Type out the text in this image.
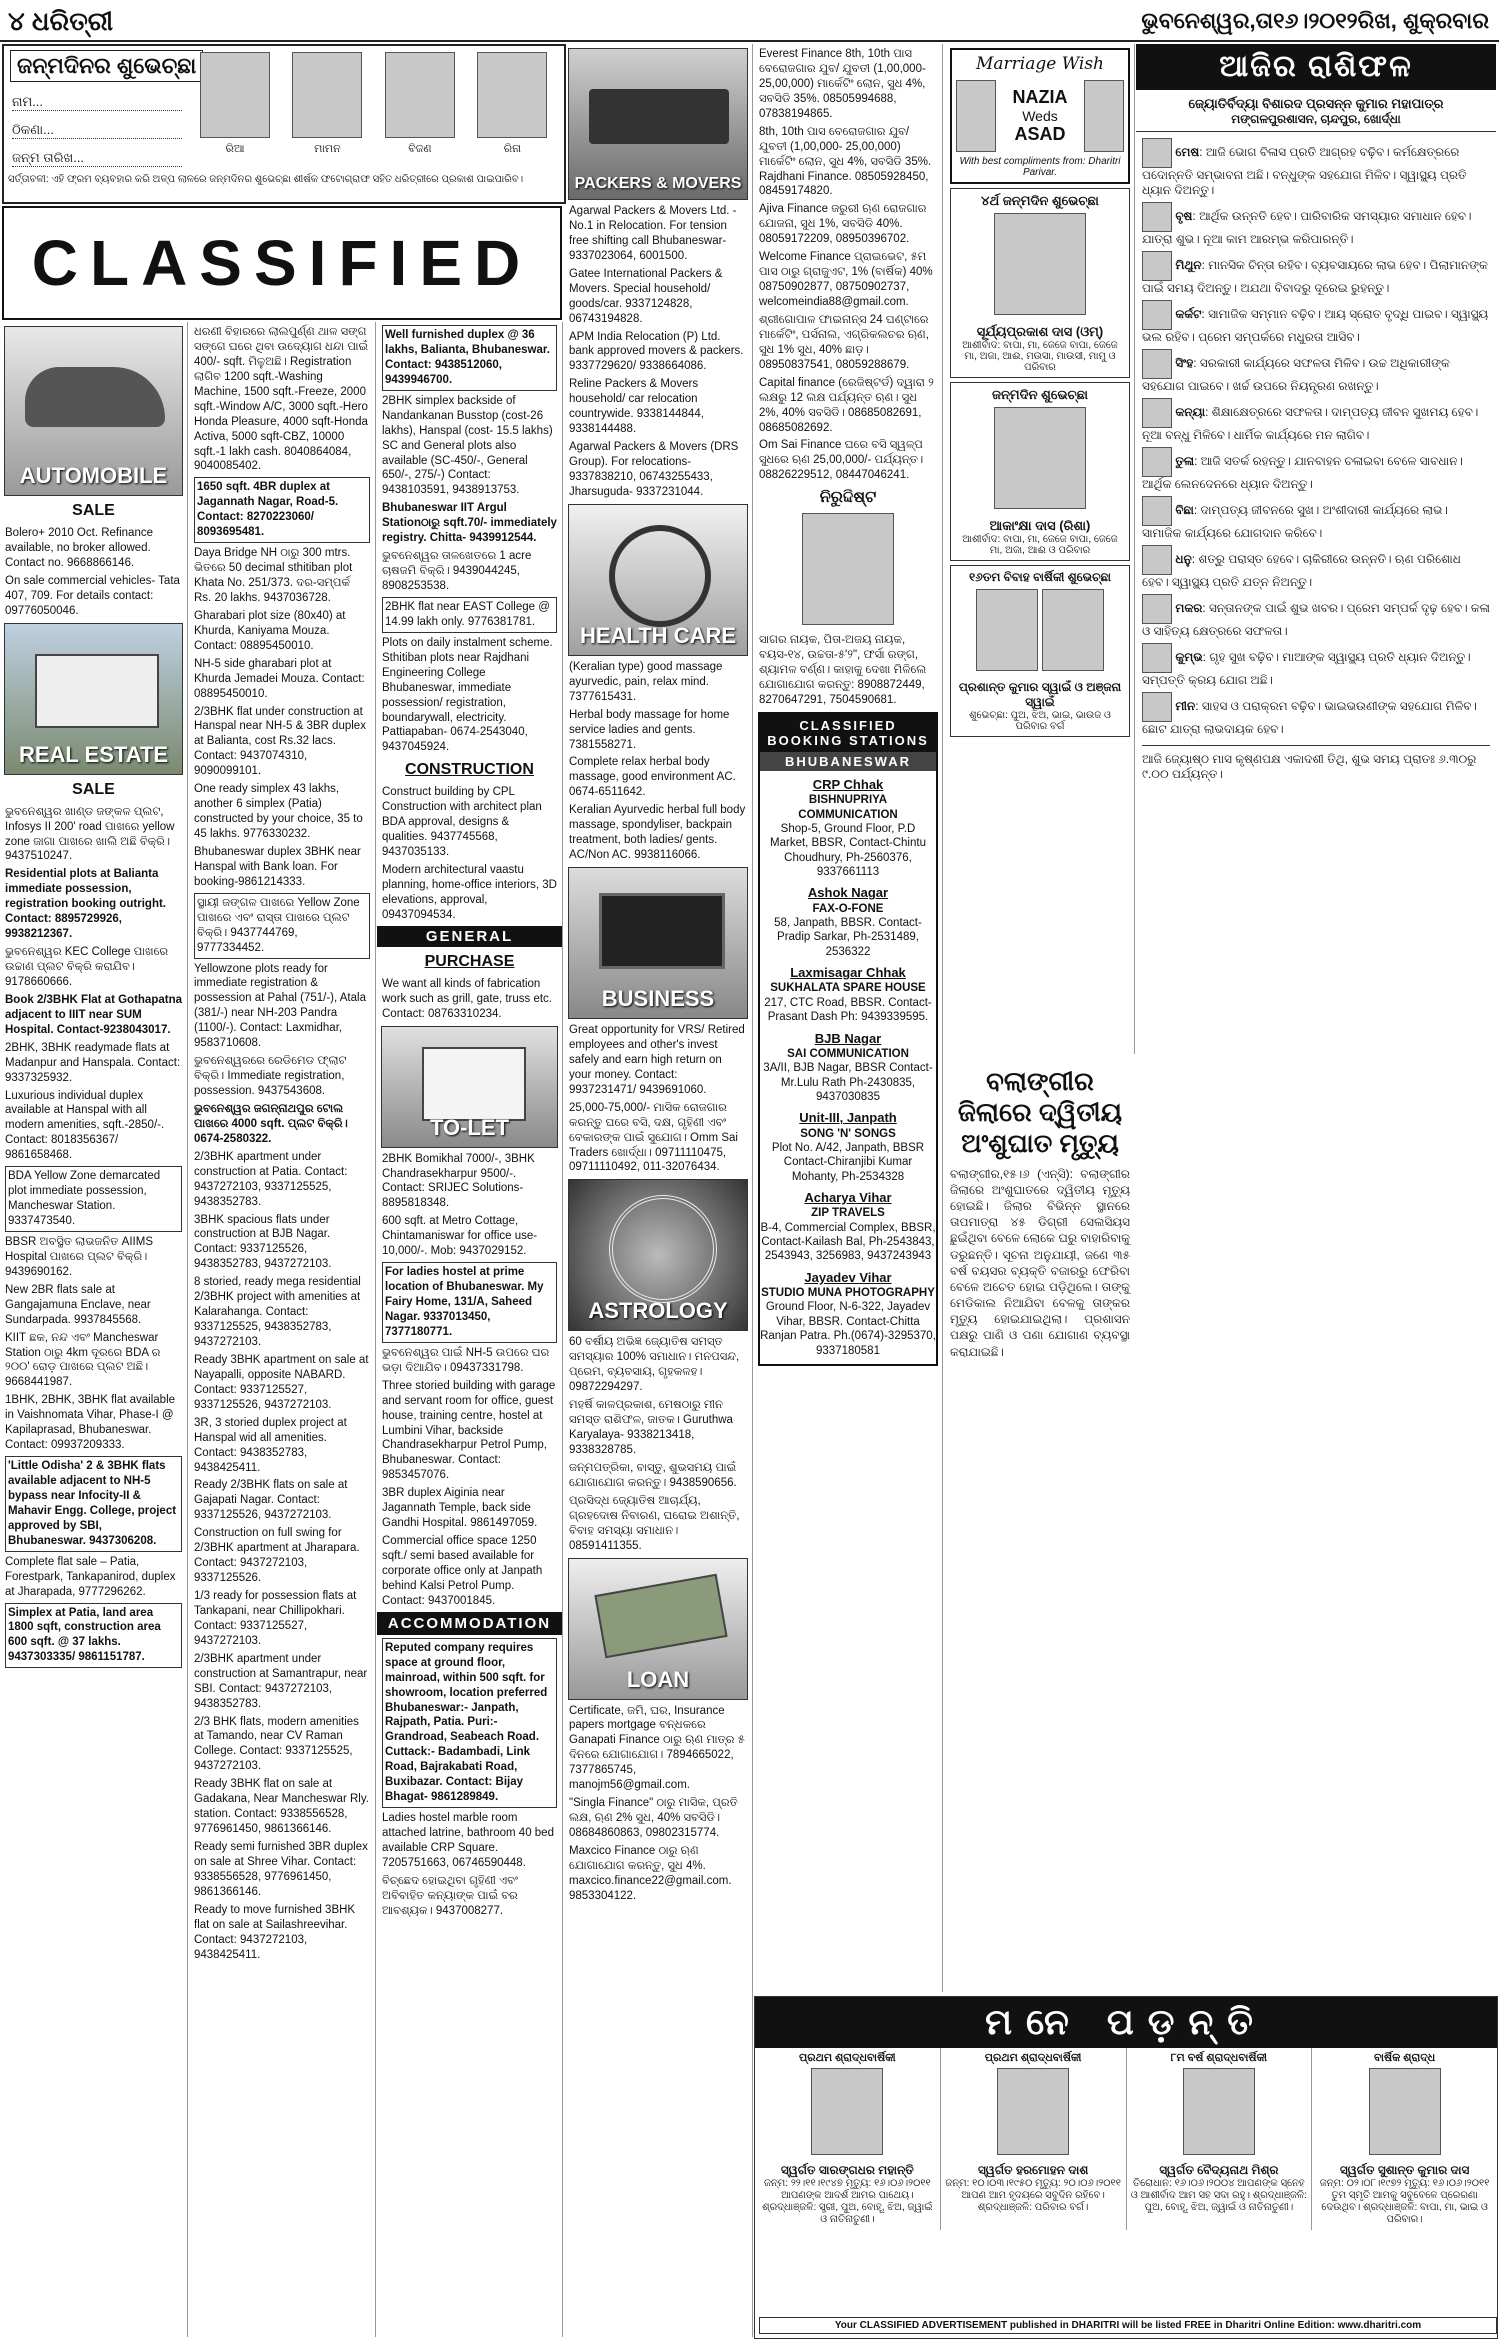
୪ ଧରିତ୍ରୀ	ଭୁବନେଶ୍ୱର,ତା୧୬।୨୦୧୨ରିଖ, ଶୁକ୍ରବାର
ଜନ୍ମଦିନର ଶୁଭେଚ୍ଛା
ନାମ...
ଠିକଣା...
ଜନ୍ମ ତାରିଖ...
ରିଆ
	ମାମନ
	ବିଜଣ
	ରିନା
ସର୍ତ୍ତାବଳୀ: ଏହି ଫ୍ରମ ବ୍ୟବହାର କରି ଅଳ୍ପ ଲାଳରେ ଜନ୍ମଦିନର ଶୁଭେଚ୍ଛା ଶୀର୍ଷକ ଫଟୋଗ୍ରାଫ ସହିତ ଧରିତ୍ରୀରେ ପ୍ରକାଶ ପାଇପାରିବ।
CLASSIFIED
AUTOMOBILE
SALE

Bolero+ 2010 Oct. Refinance available, no broker allowed. Contact no. 9668866146.

On sale commercial vehicles- Tata 407, 709. For details contact: 09776050046.

REAL ESTATE
SALE

ଭୁବନେଶ୍ୱର ଖାଣ୍ଡ ଜଙ୍କଳ ପ୍ଲଟ, Infosys II 200' road ପାଖରେ yellow zone ଜାଗା ପାଖରେ ଖାଲି ଅଛି ବିକ୍ରି। 9437510247.

Residential plots at Balianta immediate possession, registration booking outright. Contact: 8895729926, 9938212367.

ଭୁବନେଶ୍ୱର KEC College ପାଖରେ ଉଚ୍ଚାଣ ପ୍ଲଟ ବିକ୍ରି କରାଯିବ। 9178660666.

Book 2/3BHK Flat at Gothapatna adjacent to IIIT near SUM Hospital. Contact-9238043017.

2BHK, 3BHK readymade flats at Madanpur and Hanspala. Contact: 9337325932.

Luxurious individual duplex available at Hanspal with all modern amenities, sqft.-2850/-. Contact: 8018356367/ 9861658468.

BDA Yellow Zone demarcated plot immediate possession, Mancheswar Station. 9337473540.

BBSR ଅବସ୍ଥିତ ଲାଭଜନିତ AIIMS Hospital ପାଖରେ ପ୍ଲଟ ବିକ୍ରି। 9439690162.

New 2BR flats sale at Gangajamuna Enclave, near Sundarpada. 9937845568.

KIIT ଛକ, ନନ୍ଦ ଏବଂ Mancheswar Station ଠାରୁ 4km ଦୂରରେ BDA ର ୨୦୦' ରୋଡ଼ ପାଖରେ ପ୍ଲଟ ଅଛି। 9668441987.

1BHK, 2BHK, 3BHK flat available in Vaishnomata Vihar, Phase-I @ Kapilaprasad, Bhubaneswar. Contact: 09937209333.

'Little Odisha' 2 & 3BHK flats available adjacent to NH-5 bypass near Infocity-II & Mahavir Engg. College, project approved by SBI, Bhubaneswar. 9437306208.

Complete flat sale – Patia, Forestpark, Tankapanirod, duplex at Jharapada, 9777296262.

Simplex at Patia, land area 1800 sqft, construction area 600 sqft. @ 37 lakhs. 9437303335/ 9861151787.

ଧରଣୀ ବିହାରରେ ଲାଲପୁର୍ଣ୍ଣ ଥାଳ ସଙ୍ଗ ସଙ୍ଗେ ଘରେ ଥିବା ଉଦ୍ୟୋଗ ଧନ୍ଦା ପାଇଁ 400/- sqft. ମିଳୁଅଛି। Registration ଲାଗିବ 1200 sqft.-Washing Machine, 1500 sqft.-Freeze, 2000 sqft.-Window A/C, 3000 sqft.-Hero Honda Pleasure, 4000 sqft-Honda Activa, 5000 sqft-CBZ, 10000 sqft.-1 lakh cash. 8040864084, 9040085402.

1650 sqft. 4BR duplex at Jagannath Nagar, Road-5. Contact: 8270223060/ 8093695481.

Daya Bridge NH ଠାରୁ 300 mtrs. ଭିତରେ 50 decimal sthitiban plot Khata No. 251/373. ଦର-ସମ୍ପର୍କ Rs. 20 lakhs. 9437036728.

Gharabari plot size (80x40) at Khurda, Kaniyama Mouza. Contact: 08895450010.

NH-5 side gharabari plot at Khurda Jemadei Mouza. Contact: 08895450010.

2/3BHK flat under construction at Hanspal near NH-5 & 3BR duplex at Balianta, cost Rs.32 lacs. Contact: 9437074310, 9090099101.

One ready simplex 43 lakhs, another 6 simplex (Patia) constructed by your choice, 35 to 45 lakhs. 9776330232.

Bhubaneswar duplex 3BHK near Hanspal with Bank loan. For booking-9861214333.

ସ୍ଥାୟୀ ଜଙ୍ଗଳ ପାଖରେ Yellow Zone ପାଖରେ ଏବଂ ରାସ୍ତା ପାଖରେ ପ୍ଲଟ ବିକ୍ରି। 9437744769, 9777334452.

Yellowzone plots ready for immediate registration & possession at Pahal (751/-), Atala (381/-) near NH-203 Pandra (1100/-). Contact: Laxmidhar, 9583710608.

ଭୁବନେଶ୍ୱରରେ ରେଡିମେଡ ଫ୍ଲାଟ ବିକ୍ରି। Immediate registration, possession. 9437543608.

ଭୁବନେଶ୍ୱର ଜଗନ୍ନାଥପୁର ଟୋଲ ପାଖରେ 4000 sqft. ପ୍ଲଟ ବିକ୍ରି। 0674-2580322.

2/3BHK apartment under construction at Patia. Contact: 9437272103, 9337125525, 9438352783.

3BHK spacious flats under construction at BJB Nagar. Contact: 9337125526, 9438352783, 9437272103.

8 storied, ready mega residential 2/3BHK project with amenities at Kalarahanga. Contact: 9337125525, 9438352783, 9437272103.

Ready 3BHK apartment on sale at Nayapalli, opposite NABARD. Contact: 9337125527, 9337125526, 9437272103.

3R, 3 storied duplex project at Hanspal wid all amenities. Contact: 9438352783, 9438425411.

Ready 2/3BHK flats on sale at Gajapati Nagar. Contact: 9337125526, 9437272103.

Construction on full swing for 2/3BHK apartment at Jharapara. Contact: 9437272103, 9337125526.

1/3 ready for possession flats at Tankapani, near Chillipokhari. Contact: 9337125527, 9437272103.

2/3BHK apartment under construction at Samantrapur, near SBI. Contact: 9437272103, 9438352783.

2/3 BHK flats, modern amenities at Tamando, near CV Raman College. Contact: 9337125525, 9437272103.

Ready 3BHK flat on sale at Gadakana, Near Mancheswar Rly. station. Contact: 9338556528, 9776961450, 9861366146.

Ready semi furnished 3BR duplex on sale at Shree Vihar. Contact: 9338556528, 9776961450, 9861366146.

Ready to move furnished 3BHK flat on sale at Sailashreevihar. Contact: 9437272103, 9438425411.

Well furnished duplex @ 36 lakhs, Balianta, Bhubaneswar. Contact: 9438512060, 9439946700.

2BHK simplex backside of Nandankanan Busstop (cost-26 lakhs), Hanspal (cost- 15.5 lakhs) SC and General plots also available (SC-450/-, General 650/-, 275/-) Contact: 9438103591, 9438913753.

Bhubaneswar IIT Argul Stationଠାରୁ sqft.70/- immediately registry. Chitta- 9439912544.

ଭୁବନେଶ୍ୱର ତାଳଖେତରେ 1 acre ଚାଷଜମି ବିକ୍ରି। 9439044245, 8908253538.

2BHK flat near EAST College @ 14.99 lakh only. 9776381781.

Plots on daily instalment scheme. Sthitiban plots near Rajdhani Engineering College Bhubaneswar, immediate possession/ registration, boundarywall, electricity. Pattiapaban- 0674-2543040, 9437045924.

CONSTRUCTION

Construct building by CPL Construction with architect plan BDA approval, designs & qualities. 9437745568, 9437035133.

Modern architectural vaastu planning, home-office interiors, 3D elevations, approval, 09437094534.

GENERAL
PURCHASE

We want all kinds of fabrication work such as grill, gate, truss etc. Contact: 08763310234.

TO-LET

2BHK Bomikhal 7000/-, 3BHK Chandrasekharpur 9500/-. Contact: SRIJEC Solutions- 8895818348.

600 sqft. at Metro Cottage, Chintamaniswar for office use-10,000/-. Mob: 9437029152.

For ladies hostel at prime location of Bhubaneswar. My Fairy Home, 131/A, Saheed Nagar. 9337013450, 7377180771.

ଭୁବନେଶ୍ୱର ପାଇଁ NH-5 ଉପରେ ଘର ଭଡ଼ା ଦିଆଯିବ। 09437331798.

Three storied building with garage and servant room for office, guest house, training centre, hostel at Lumbini Vihar, backside Chandrasekharpur Petrol Pump, Bhubaneswar. Contact: 9853457076.

3BR duplex Aiginia near Jagannath Temple, back side Gandhi Hospital. 9861497059.

Commercial office space 1250 sqft./ semi based available for corporate office only at Janpath behind Kalsi Petrol Pump. Contact: 9437001845.

ACCOMMODATION

Reputed company requires space at ground floor, mainroad, within 500 sqft. for showroom, location preferred Bhubaneswar:- Janpath, Rajpath, Patia. Puri:- Grandroad, Seabeach Road. Cuttack:- Badambadi, Link Road, Bajrakabati Road, Buxibazar. Contact: Bijay Bhagat- 9861289849.

Ladies hostel marble room attached latrine, bathroom 40 bed available CRP Square. 7205751663, 06746590448.

ବିଚ୍ଛେଦ ହୋଇଥିବା ଗୃହିଣୀ ଏବଂ ଅବିବାହିତ କନ୍ୟାଙ୍କ ପାଇଁ ବର ଆବଶ୍ୟକ। 9437008277.

PACKERS & MOVERS

Agarwal Packers & Movers Ltd. - No.1 in Relocation. For tension free shifting call Bhubaneswar- 9337023064, 6001500.

Gatee International Packers & Movers. Special household/ goods/car. 9337124828, 06743194828.

APM India Relocation (P) Ltd. bank approved movers & packers. 9337729620/ 9338664086.

Reline Packers & Movers household/ car relocation countrywide. 9338144844, 9338144488.

Agarwal Packers & Movers (DRS Group). For relocations- 9337838210, 06743255433, Jharsuguda- 9337231044.

HEALTH CARE

(Keralian type) good massage ayurvedic, pain, relax mind. 7377615431.

Herbal body massage for home service ladies and gents. 7381558271.

Complete relax herbal body massage, good environment AC. 0674-6511642.

Keralian Ayurvedic herbal full body massage, spondyliser, backpain treatment, both ladies/ gents. AC/Non AC. 9938116066.

BUSINESS

Great opportunity for VRS/ Retired employees and other's invest safely and earn high return on your money. Contact: 9937231471/ 9439691060.

25,000-75,000/- ମାସିକ ରୋଜଗାର କରନ୍ତୁ ଘରେ ବସି, ଦକ୍ଷ, ଗୃହିଣୀ ଏବଂ ବେକାରଙ୍କ ପାଇଁ ସୁଯୋଗ। Omm Sai Traders ଖୋର୍ଦ୍ଧା। 09711110475, 09711110492, 011-32076434.

ASTROLOGY

60 ବର୍ଷୀୟ ଅଭିଜ୍ଞ ଜ୍ୟୋତିଷ ସମସ୍ତ ସମସ୍ୟାର 100% ସମାଧାନ। ମନପସନ୍ଦ, ପ୍ରେମ, ବ୍ୟବସାୟ, ଗୃହକଳହ। 09872294297.

ମହର୍ଷି କାଳପ୍ରକାଶ, ମେଷଠାରୁ ମୀନ ସମସ୍ତ ରାଶିଫଳ, ଜାତକ। Guruthwa Karyalaya- 9338213418, 9338328785.

ଜନ୍ମପତ୍ରିକା, ବାସ୍ତୁ, ଶୁଭସମୟ ପାଇଁ ଯୋଗାଯୋଗ କରନ୍ତୁ। 9438590656.

ପ୍ରସିଦ୍ଧ ଜ୍ୟୋତିଷ ଆଚାର୍ଯ୍ୟ, ଗ୍ରହଦୋଷ ନିବାରଣ, ଘରୋଇ ଅଶାନ୍ତି, ବିବାହ ସମସ୍ୟା ସମାଧାନ। 08591411355.

LOAN

Certificate, ଜମି, ଘର, Insurance papers mortgage ବନ୍ଧକରେ Ganapati Finance ଠାରୁ ଋଣ ମାତ୍ର ୫ ଦିନରେ ଯୋଗାଯୋଗ। 7894665022, 7377865745, manojm56@gmail.com.

"Singla Finance" ଠାରୁ ମାସିକ, ପ୍ରତି ଲକ୍ଷ, ଋଣ 2% ସୁଧ, 40% ସବସିଡି। 08684860863, 09802315774.

Maxcico Finance ଠାରୁ ଋଣ ଯୋଗାଯୋଗ କରନ୍ତୁ, ସୁଧ 4%. maxcico.finance22@gmail.com. 9853304122.

Everest Finance 8th, 10th ପାସ ବେରୋଜଗାର ଯୁବ/ ଯୁବତୀ (1,00,000-25,00,000) ମାର୍କେଟିଂ ଲୋନ, ସୁଧ 4%, ସବସିଡି 35%. 08505994688, 07838194865.

8th, 10th ପାସ ବେରୋଜଗାର ଯୁବ/ ଯୁବତୀ (1,00,000- 25,00,000) ମାର୍କେଟିଂ ଲୋନ, ସୁଧ 4%, ସବସିଡି 35%. Rajdhani Finance. 08505928450, 08459174820.

Ajiva Finance ଜରୁରୀ ଋଣ ରୋଜଗାର ଯୋଜନା, ସୁଧ 1%, ସବସିଡି 40%. 08059172209, 08950396702.

Welcome Finance ପ୍ରାଇଭେଟ, ୫ମ ପାସ ଠାରୁ ଗ୍ରାଜୁଏଟ, 1% (ବାର୍ଷିକ) 40% 08750902877, 08750902737, welcomeindia88@gmail.com.

ଶ୍ରୀଗୋପାଳ ଫାଇନାନ୍ସ 24 ଘଣ୍ଟାରେ ମାର୍କେଟିଂ, ପର୍ସନାଲ, ଏଗ୍ରିକଲଚର ଋଣ, ସୁଧ 1% ସୁଧ, 40% ଛାଡ଼। 08950837541, 08059288679.

Capital finance (ରେଜିଷ୍ଟର୍ଡ) ଦ୍ୱାରା ୨ ଲକ୍ଷରୁ 12 ଲକ୍ଷ ପର୍ଯ୍ୟନ୍ତ ଋଣ। ସୁଧ 2%, 40% ସବସିଡି। 08685082691, 08685082692.

Om Sai Finance ଘରେ ବସି ସ୍ୱଳ୍ପ ସୁଧରେ ଋଣ 25,00,000/- ପର୍ଯ୍ୟନ୍ତ। 08826229512, 08447046241.

ନିରୁଦ୍ଦିଷ୍ଟ

ସାଗର ନାୟକ, ପିତା-ଅଜୟ ନାୟକ, ବୟସ-୧୪, ଉଚ୍ଚତା-୫'୨", ଫର୍ସା ରଙ୍ଗ, ଶ୍ୟାମଳ ବର୍ଣ୍ଣ। କାହାକୁ ଦେଖା ମିଳିଲେ ଯୋଗାଯୋଗ କରନ୍ତୁ: 8908872449, 8270647291, 7504590681.

CLASSIFIED BOOKING STATIONS
BHUBANESWAR
CRP Chhak
BISHNUPRIYA COMMUNICATION
Shop-5, Ground Floor, P.D Market, BBSR, Contact-Chintu Choudhury, Ph-2560376, 9337661113
Ashok Nagar
FAX-O-FONE
58, Janpath, BBSR. Contact-Pradip Sarkar, Ph-2531489, 2536322
Laxmisagar Chhak
SUKHALATA SPARE HOUSE
217, CTC Road, BBSR. Contact-Prasant Dash Ph: 9439339595.
BJB Nagar
SAI COMMUNICATION
3A/II, BJB Nagar, BBSR Contact-Mr.Lulu Rath Ph-2430835, 9437030835
Unit-III, Janpath
SONG 'N' SONGS
Plot No. A/42, Janpath, BBSR Contact-Chiranjibi Kumar Mohanty, Ph-2534328
Acharya Vihar
ZIP TRAVELS
B-4, Commercial Complex, BBSR, Contact-Kailash Bal, Ph-2543843, 2543943, 3256983, 9437243943
Jayadev Vihar
STUDIO MUNA PHOTOGRAPHY
Ground Floor, N-6-322, Jayadev Vihar, BBSR. Contact-Chitta Ranjan Patra. Ph.(0674)-3295370, 9337180581
ବଲାଙ୍ଗୀର ଜିଲାରେ ଦ୍ୱିତୀୟ ଅଂଶୁଘାତ ମୃତ୍ୟୁ
ବଲାଙ୍ଗୀର,୧୫।୬ (ଏନ୍‌ସି): ବଲାଙ୍ଗୀର ଜିଲାରେ ଅଂଶୁଘାତରେ ଦ୍ୱିତୀୟ ମୃତ୍ୟୁ ହୋଇଛି। ଜିଲାର ବିଭିନ୍ନ ସ୍ଥାନରେ ତାପମାତ୍ରା ୪୫ ଡିଗ୍ରୀ ସେଲସିୟସ ଛୁଇଁଥିବା ବେଳେ ଲୋକେ ଘରୁ ବାହାରିବାକୁ ଡରୁଛନ୍ତି। ସୂଚନା ଅନୁଯାୟୀ, ଜଣେ ୩୫ ବର୍ଷ ବୟସର ବ୍ୟକ୍ତି ବଜାରରୁ ଫେରିବା ବେଳେ ଅଚେତ ହୋଇ ପଡ଼ିଥିଲେ। ତାଙ୍କୁ ମେଡିକାଲ ନିଆଯିବା ବେଳକୁ ତାଙ୍କର ମୃତ୍ୟୁ ହୋଇଯାଇଥିଲା। ପ୍ରଶାସନ ପକ୍ଷରୁ ପାଣି ଓ ପଣା ଯୋଗାଣ ବ୍ୟବସ୍ଥା କରାଯାଇଛି।
Marriage Wish
NAZIA
Weds
ASAD
With best compliments from: Dharitri Parivar.
୪ର୍ଥ ଜନ୍ମଦିନ ଶୁଭେଚ୍ଛା
ସୂର୍ଯ୍ୟପ୍ରକାଶ ଦାସ (ଓମ୍)
ଆଶୀର୍ବାଦ: ବାପା, ମା, ଜେଜେ ବାପା, ଜେଜେ ମା, ଅଜା, ଆଈ, ମଉସା, ମାଉସୀ, ମାମୁ ଓ ପରିବାର
ଜନ୍ମଦିନ ଶୁଭେଚ୍ଛା
ଆକାଂକ୍ଷା ଦାସ (ରିଶା)
ଆଶୀର୍ବାଦ: ବାପା, ମା, ଜେଜେ ବାପା, ଜେଜେ ମା, ଅଜା, ଆଈ ଓ ପରିବାର
୧୬ତମ ବିବାହ ବାର୍ଷିକୀ ଶୁଭେଚ୍ଛା

ପ୍ରଶାନ୍ତ କୁମାର ସ୍ୱାଇଁ ଓ ଅଞ୍ଜନା ସ୍ୱାଇଁ
ଶୁଭେଚ୍ଛା: ପୁଅ, ଝିଅ, ଭାଇ, ଭାଉଜ ଓ ପରିବାର ବର୍ଗ
ଆଜିର ରାଶିଫଳ
ଜ୍ୟୋତିର୍ବିଦ୍ୟା ବିଶାରଦ ପ୍ରସନ୍ନ କୁମାର ମହାପାତ୍ର
ମଙ୍ଗଳପୁରଶାସନ, ଚାନ୍ଦପୁର, ଖୋର୍ଦ୍ଧା

ମେଷ: ଆଜି ଭୋଗ ବିଳାସ ପ୍ରତି ଆଗ୍ରହ ବଢ଼ିବ। କର୍ମକ୍ଷେତ୍ରରେ ପଦୋନ୍ନତି ସମ୍ଭାବନା ଅଛି। ବନ୍ଧୁଙ୍କ ସହଯୋଗ ମିଳିବ। ସ୍ୱାସ୍ଥ୍ୟ ପ୍ରତି ଧ୍ୟାନ ଦିଅନ୍ତୁ।

ବୃଷ: ଆର୍ଥିକ ଉନ୍ନତି ହେବ। ପାରିବାରିକ ସମସ୍ୟାର ସମାଧାନ ହେବ। ଯାତ୍ରା ଶୁଭ। ନୂଆ କାମ ଆରମ୍ଭ କରିପାରନ୍ତି।

ମିଥୁନ: ମାନସିକ ଚିନ୍ତା ରହିବ। ବ୍ୟବସାୟରେ ଲାଭ ହେବ। ପିଲାମାନଙ୍କ ପାଇଁ ସମୟ ଦିଅନ୍ତୁ। ଅଯଥା ବିବାଦରୁ ଦୂରେଇ ରୁହନ୍ତୁ।

କର୍କଟ: ସାମାଜିକ ସମ୍ମାନ ବଢ଼ିବ। ଆୟ ସ୍ରୋତ ବୃଦ୍ଧି ପାଇବ। ସ୍ୱାସ୍ଥ୍ୟ ଭଲ ରହିବ। ପ୍ରେମ ସମ୍ପର୍କରେ ମଧୁରତା ଆସିବ।

ସିଂହ: ସରକାରୀ କାର୍ଯ୍ୟରେ ସଫଳତା ମିଳିବ। ଉଚ୍ଚ ଅଧିକାରୀଙ୍କ ସହଯୋଗ ପାଇବେ। ଖର୍ଚ୍ଚ ଉପରେ ନିୟନ୍ତ୍ରଣ ରଖନ୍ତୁ।

କନ୍ୟା: ଶିକ୍ଷାକ୍ଷେତ୍ରରେ ସଫଳତା। ଦାମ୍ପତ୍ୟ ଜୀବନ ସୁଖମୟ ହେବ। ନୂଆ ବନ୍ଧୁ ମିଳିବେ। ଧାର୍ମିକ କାର୍ଯ୍ୟରେ ମନ ଲାଗିବ।

ତୁଳା: ଆଜି ସତର୍କ ରହନ୍ତୁ। ଯାନବାହନ ଚଳାଇବା ବେଳେ ସାବଧାନ। ଆର୍ଥିକ ଲେନଦେନରେ ଧ୍ୟାନ ଦିଅନ୍ତୁ।

ବିଛା: ଦାମ୍ପତ୍ୟ ଜୀବନରେ ସୁଖ। ଅଂଶୀଦାରୀ କାର୍ଯ୍ୟରେ ଲାଭ। ସାମାଜିକ କାର୍ଯ୍ୟରେ ଯୋଗଦାନ କରିବେ।

ଧନୁ: ଶତ୍ରୁ ପରାସ୍ତ ହେବେ। ଚାକିରୀରେ ଉନ୍ନତି। ଋଣ ପରିଶୋଧ ହେବ। ସ୍ୱାସ୍ଥ୍ୟ ପ୍ରତି ଯତ୍ନ ନିଅନ୍ତୁ।

ମକର: ସନ୍ତାନଙ୍କ ପାଇଁ ଶୁଭ ଖବର। ପ୍ରେମ ସମ୍ପର୍କ ଦୃଢ଼ ହେବ। କଳା ଓ ସାହିତ୍ୟ କ୍ଷେତ୍ରରେ ସଫଳତା।

କୁମ୍ଭ: ଗୃହ ସୁଖ ବଢ଼ିବ। ମାଆଙ୍କ ସ୍ୱାସ୍ଥ୍ୟ ପ୍ରତି ଧ୍ୟାନ ଦିଅନ୍ତୁ। ସମ୍ପତ୍ତି କ୍ରୟ ଯୋଗ ଅଛି।

ମୀନ: ସାହସ ଓ ପରାକ୍ରମ ବଢ଼ିବ। ଭାଇଭଉଣୀଙ୍କ ସହଯୋଗ ମିଳିବ। ଛୋଟ ଯାତ୍ରା ଲାଭଦାୟକ ହେବ।

ଆଜି ଜ୍ୟୋଷ୍ଠ ମାସ କୃଷ୍ଣପକ୍ଷ ଏକାଦଶୀ ତିଥି, ଶୁଭ ସମୟ ପ୍ରାତଃ ୬.୩୦ରୁ ୯.୦୦ ପର୍ଯ୍ୟନ୍ତ।
ମନେ ପଡ଼ନ୍ତି
ପ୍ରଥମ ଶ୍ରାଦ୍ଧବାର୍ଷିକୀ
ସ୍ୱର୍ଗତ ସାରଙ୍ଗଧର ମହାନ୍ତି
ଜନ୍ମ: ୨୨।୧୧।୧୯୪୭ ମୃତ୍ୟୁ: ୧୬।୦୬।୨୦୧୧ ଆପଣଙ୍କ ଆଦର୍ଶ ଆମର ପାଥେୟ। ଶ୍ରଦ୍ଧାଞ୍ଜଳି: ସ୍ତ୍ରୀ, ପୁଅ, ବୋହୂ, ଝିଅ, ଜ୍ୱାଇଁ ଓ ନାତିନାତୁଣୀ।
ପ୍ରଥମ ଶ୍ରାଦ୍ଧବାର୍ଷିକୀ
ସ୍ୱର୍ଗତ ହରମୋହନ ଦାଶ
ଜନ୍ମ: ୧୦।୦୩।୧୯୫୦ ମୃତ୍ୟୁ: ୨୦।୦୬।୨୦୧୧ ଆପଣ ଆମ ହୃଦୟରେ ସବୁଦିନ ରହିବେ। ଶ୍ରଦ୍ଧାଞ୍ଜଳି: ପରିବାର ବର୍ଗ।
୮ମ ବର୍ଷ ଶ୍ରାଦ୍ଧବାର୍ଷିକୀ
ସ୍ୱର୍ଗତ ବୈଦ୍ୟନାଥ ମିଶ୍ର
ତିରୋଧାନ: ୧୬।୦୬।୨୦୦୪ ଆପଣଙ୍କ ସ୍ନେହ ଓ ଆଶୀର୍ବାଦ ଆମ ସହ ସଦା ରହୁ। ଶ୍ରଦ୍ଧାଞ୍ଜଳି: ପୁଅ, ବୋହୂ, ଝିଅ, ଜ୍ୱାଇଁ ଓ ନାତିନାତୁଣୀ।
ବାର୍ଷିକ ଶ୍ରାଦ୍ଧ
ସ୍ୱର୍ଗତ ସୁଶାନ୍ତ କୁମାର ଦାସ
ଜନ୍ମ: ୦୨।୦୮।୧୯୭୨ ମୃତ୍ୟୁ: ୧୬।୦୬।୨୦୧୧ ତୁମ ସ୍ମୃତି ଆମକୁ ସବୁବେଳେ ପ୍ରେରଣା ଦେଉଥିବ। ଶ୍ରଦ୍ଧାଞ୍ଜଳି: ବାପା, ମା, ଭାଇ ଓ ପରିବାର।
Your CLASSIFIED ADVERTISEMENT published in DHARITRI will be listed FREE in Dharitri Online Edition: www.dharitri.com
